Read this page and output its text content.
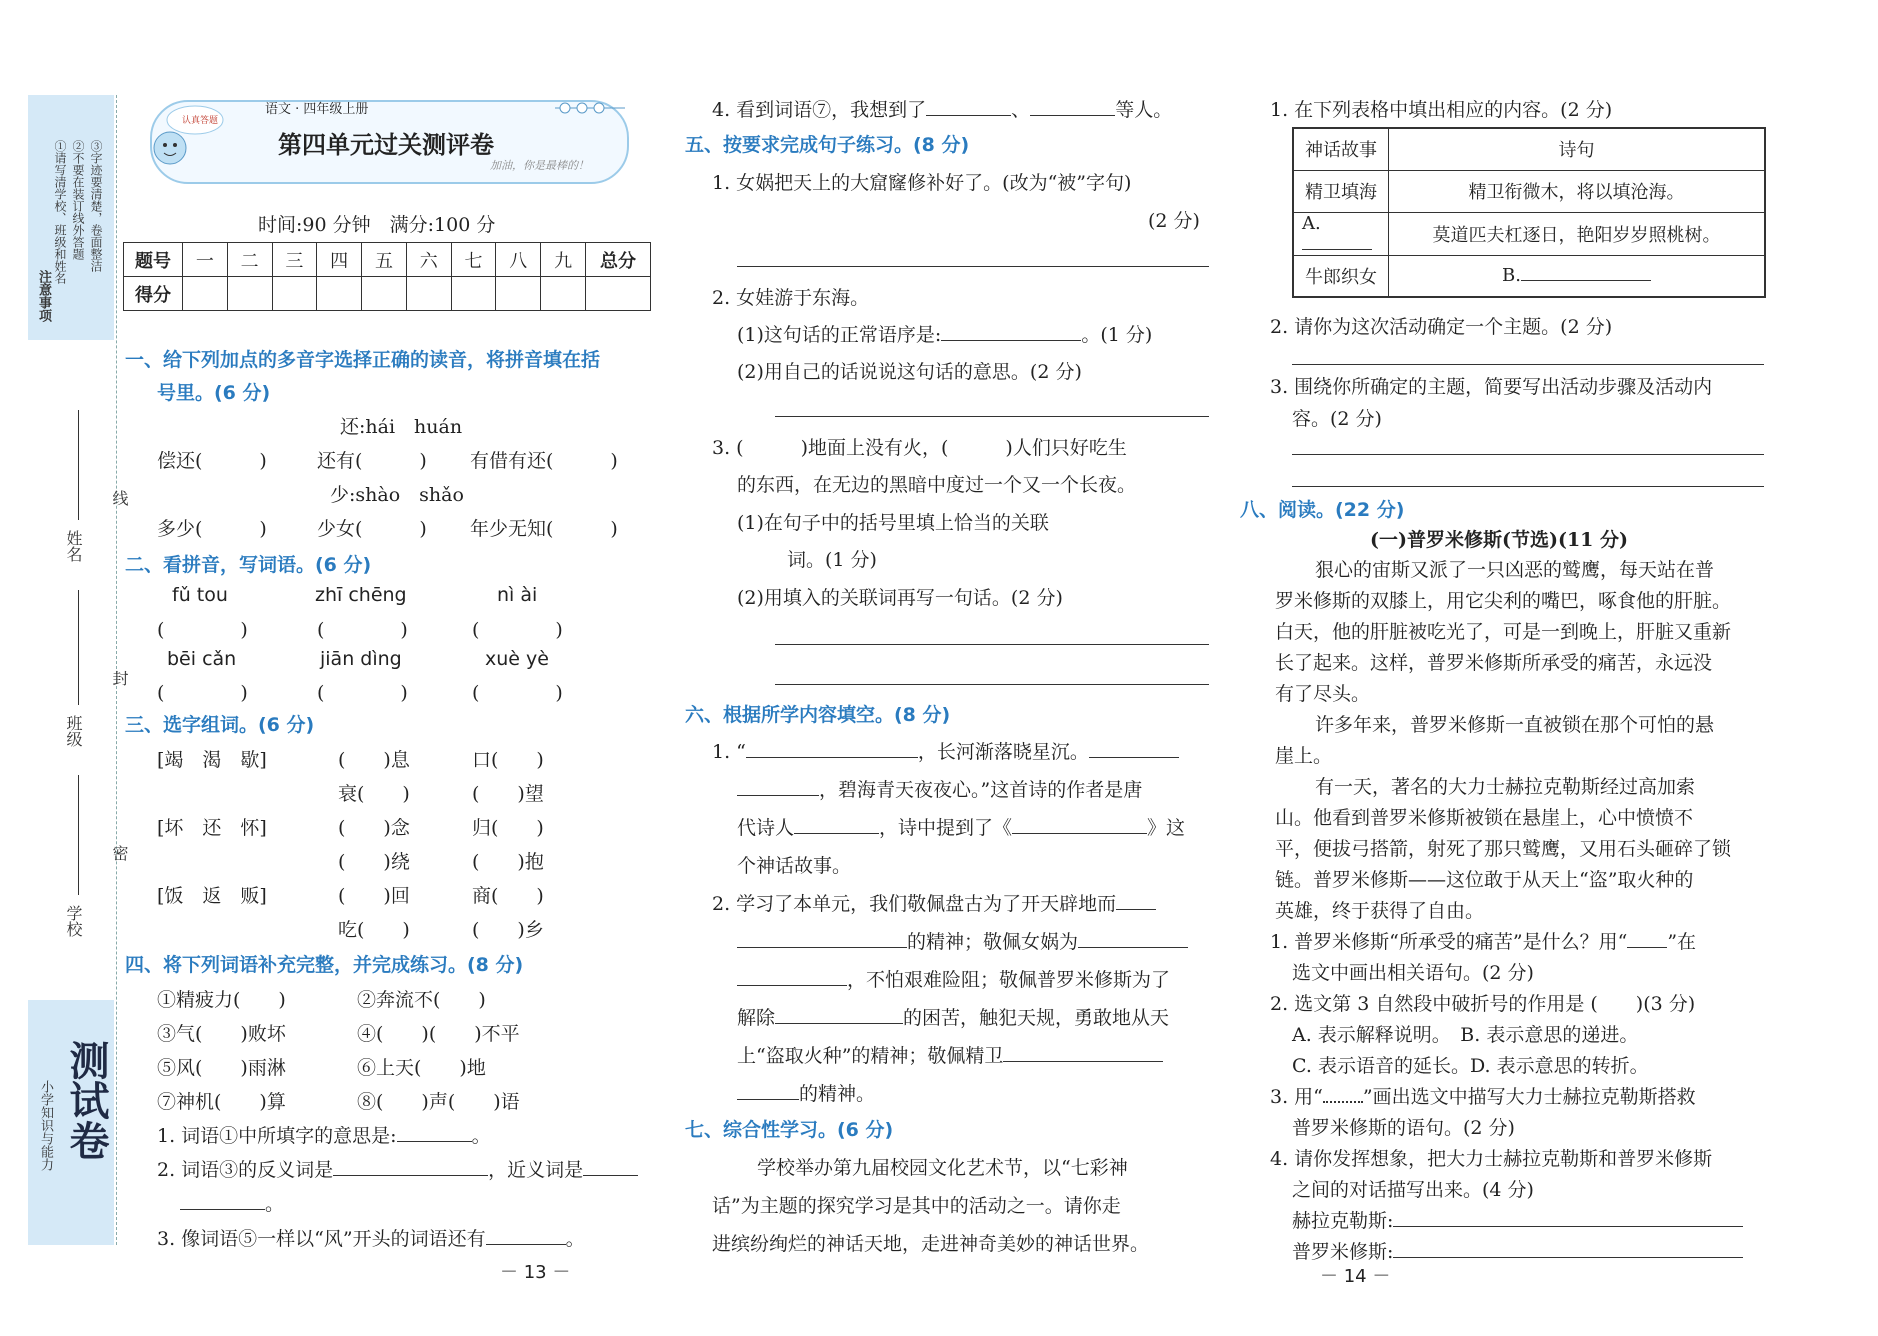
注意事项
①请写清学校、班级和姓名 ②不要在装订线外答题 ③字迹要清楚，卷面整洁
线
封
密
姓名
班级
学校
小学知识与能力 测试卷
认真答题
语文 · 四年级上册
第四单元过关测评卷
加油，你是最棒的！
时间:90 分钟　满分:100 分
题号	一	二	三	四	五	六	七	八	九	总分
得分										
一、给下列加点的多音字选择正确的读音，将拼音填在括
号里。(6 分)
还:hái　huán
偿还(　　　)	还有(　　　) 有借有还(　　　)
少:shào　shǎo
多少(　　　)	少女(　　　) 年少无知(　　　)
二、看拼音，写词语。(6 分)
fǔ tou	zhī chēng	nì ài
(　　　　)	(　　　　)	(　　　　)
bēi cǎn	jiān dìng	xuè yè
(　　　　)	(　　　　)	(　　　　)
三、选字组词。(6 分)
[竭　渴　歇]	(　　)息	口(　　)
衰(　　)	(　　)望
[坏　还　怀]	(　　)念	归(　　)
(　　)绕	(　　)抱
[饭　返　贩]	(　　)回	商(　　)
吃(　　)	(　　)乡
四、将下列词语补充完整，并完成练习。(8 分)
①精疲力(　　)	②奔流不(　　)
③气(　　)败坏	④(　　)(　　)不平
⑤风(　　)雨淋	⑥上天(　　)地
⑦神机(　　)算	⑧(　　)声(　　)语
1. 词语①中所填字的意思是:	。
2. 词语③的反义词是	，近义词是
。
3. 像词语⑤一样以“风”开头的词语还有	。
－ 13 －
4. 看到词语⑦，我想到了	、	等人。
五、按要求完成句子练习。(8 分)
1. 女娲把天上的大窟窿修补好了。(改为“被”字句)
(2 分)
2. 女娃游于东海。
(1)这句话的正常语序是:	。(1 分)
(2)用自己的话说说这句话的意思。(2 分)
3. (　　　)地面上没有火，(　　　)人们只好吃生
的东西，在无边的黑暗中度过一个又一个长夜。
(1)在句子中的括号里填上恰当的关联
词。(1 分)
(2)用填入的关联词再写一句话。(2 分)
六、根据所学内容填空。(8 分)
1. “	，长河渐落晓星沉。
，碧海青天夜夜心。”这首诗的作者是唐
代诗人	，诗中提到了《	》这
个神话故事。
2. 学习了本单元，我们敬佩盘古为了开天辟地而
的精神；敬佩女娲为
，不怕艰难险阻；敬佩普罗米修斯为了
解除	的困苦，触犯天规，勇敢地从天
上“盗取火种”的精神；敬佩精卫
的精神。
七、综合性学习。(6 分)
学校举办第九届校园文化艺术节，以“七彩神
话”为主题的探究学习是其中的活动之一。请你走
进缤纷绚烂的神话天地，走进神奇美妙的神话世界。
1. 在下列表格中填出相应的内容。(2 分)
神话故事	诗句
精卫填海	精卫衔微木，将以填沧海。
A.	莫道匹夫杠逐日，艳阳岁岁照桃树。
牛郎织女	B.
2. 请你为这次活动确定一个主题。(2 分)
3. 围绕你所确定的主题，简要写出活动步骤及活动内
容。(2 分)
八、阅读。(22 分)
(一)普罗米修斯(节选)(11 分)
狠心的宙斯又派了一只凶恶的鹫鹰，每天站在普
罗米修斯的双膝上，用它尖利的嘴巴，啄食他的肝脏。
白天，他的肝脏被吃光了，可是一到晚上，肝脏又重新
长了起来。这样，普罗米修斯所承受的痛苦，永远没
有了尽头。
许多年来，普罗米修斯一直被锁在那个可怕的悬
崖上。
有一天，著名的大力士赫拉克勒斯经过高加索
山。他看到普罗米修斯被锁在悬崖上，心中愤愤不
平，便拔弓搭箭，射死了那只鹫鹰，又用石头砸碎了锁
链。普罗米修斯——这位敢于从天上“盗”取火种的
英雄，终于获得了自由。
1. 普罗米修斯“所承受的痛苦”是什么？用“ ”在
选文中画出相关语句。(2 分)
2. 选文第 3 自然段中破折号的作用是 (　　)(3 分)
A. 表示解释说明。　B. 表示意思的递进。
C. 表示语音的延长。D. 表示意思的转折。
3. 用“ ”画出选文中描写大力士赫拉克勒斯搭救
普罗米修斯的语句。(2 分)
4. 请你发挥想象，把大力士赫拉克勒斯和普罗米修斯
之间的对话描写出来。(4 分)
赫拉克勒斯:
普罗米修斯:
－ 14 －
